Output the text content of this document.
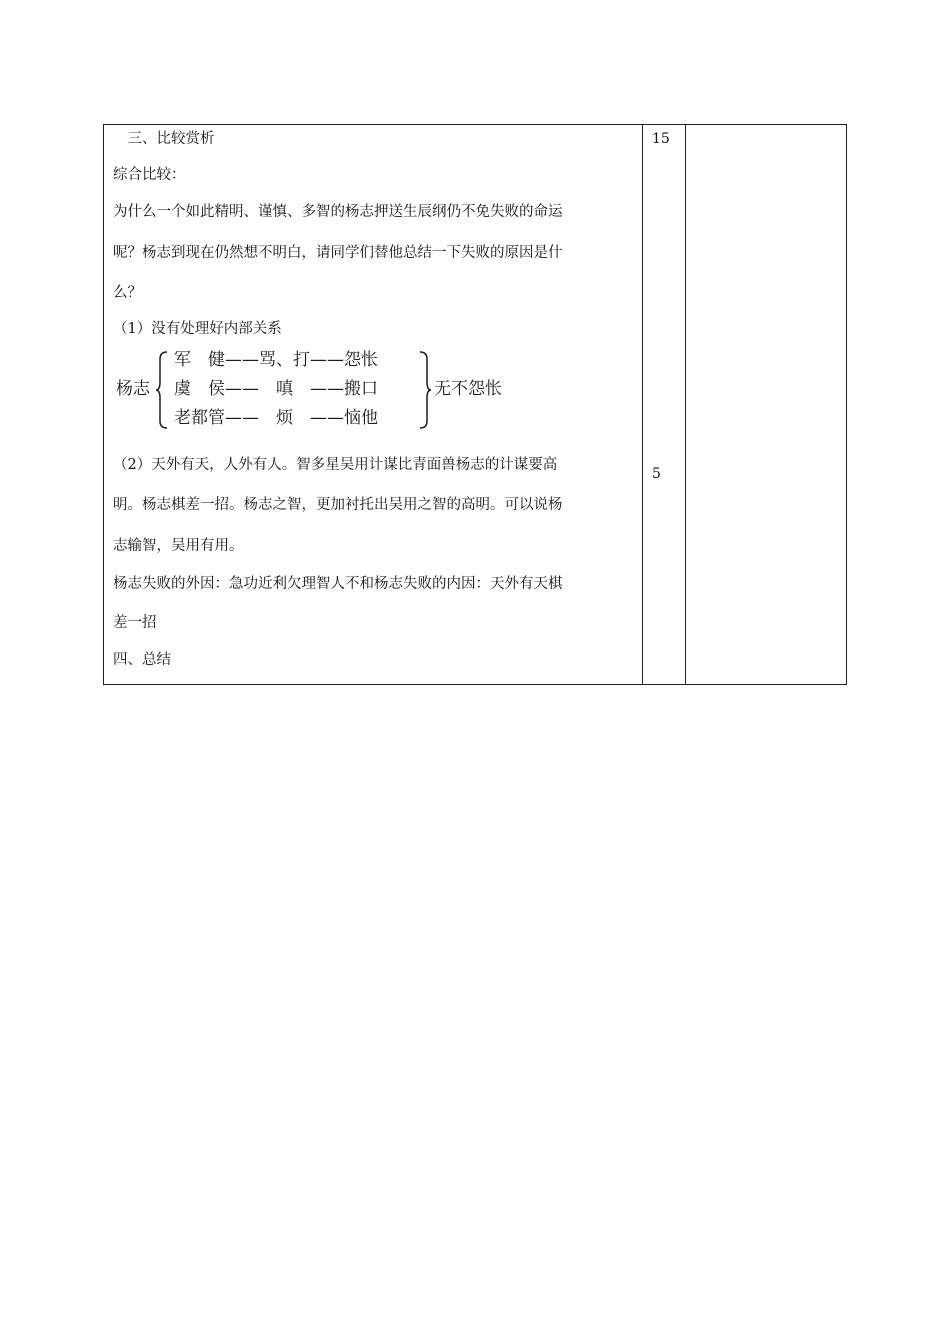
　三、比较赏析
综合比较：
为什么一个如此精明、谨慎、多智的杨志押送生辰纲仍不免失败的命运
呢？杨志到现在仍然想不明白，请同学们替他总结一下失败的原因是什
么？
（1）没有处理好内部关系
杨志
军　健——骂、打——怨怅
虞　侯——　嗔　——搬口
老都管——　烦　——恼他
无不怨怅
（2）天外有天，人外有人。智多星吴用计谋比青面兽杨志的计谋要高
明。杨志棋差一招。杨志之智，更加衬托出吴用之智的高明。可以说杨
志输智，吴用有用。
杨志失败的外因：急功近利欠理智人不和杨志失败的内因：天外有天棋
差一招
四、总结
15
5
